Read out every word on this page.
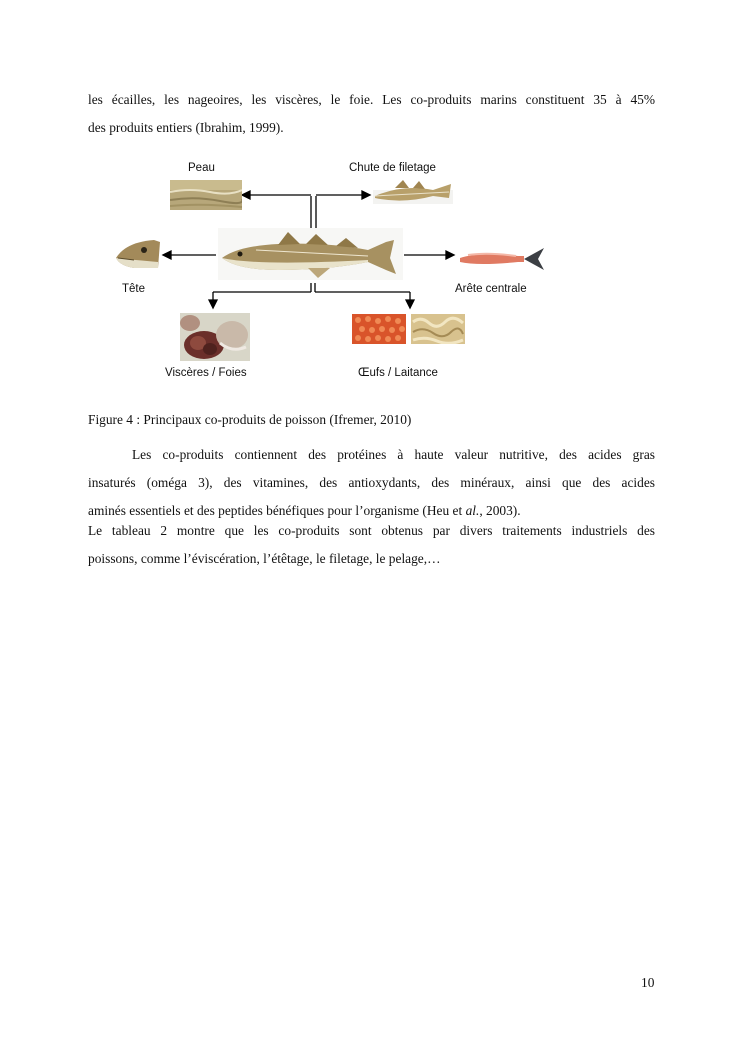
les écailles, les nageoires, les viscères, le foie. Les co-produits marins constituent 35 à 45%
des produits entiers (Ibrahim, 1999).
Peau	Chute de filetage
Tête	Arête centrale
Viscères / Foies	Œufs / Laitance
Figure 4 : Principaux co-produits de poisson (Ifremer, 2010)
Les co-produits contiennent des protéines à haute valeur nutritive, des acides gras
insaturés (oméga 3), des vitamines, des antioxydants, des minéraux, ainsi que des acides
aminés essentiels et des peptides bénéfiques pour l’organisme (Heu et al., 2003).
Le tableau 2 montre que les co-produits sont obtenus par divers traitements industriels des
poissons, comme l’éviscération, l’étêtage, le filetage, le pelage,…
10
